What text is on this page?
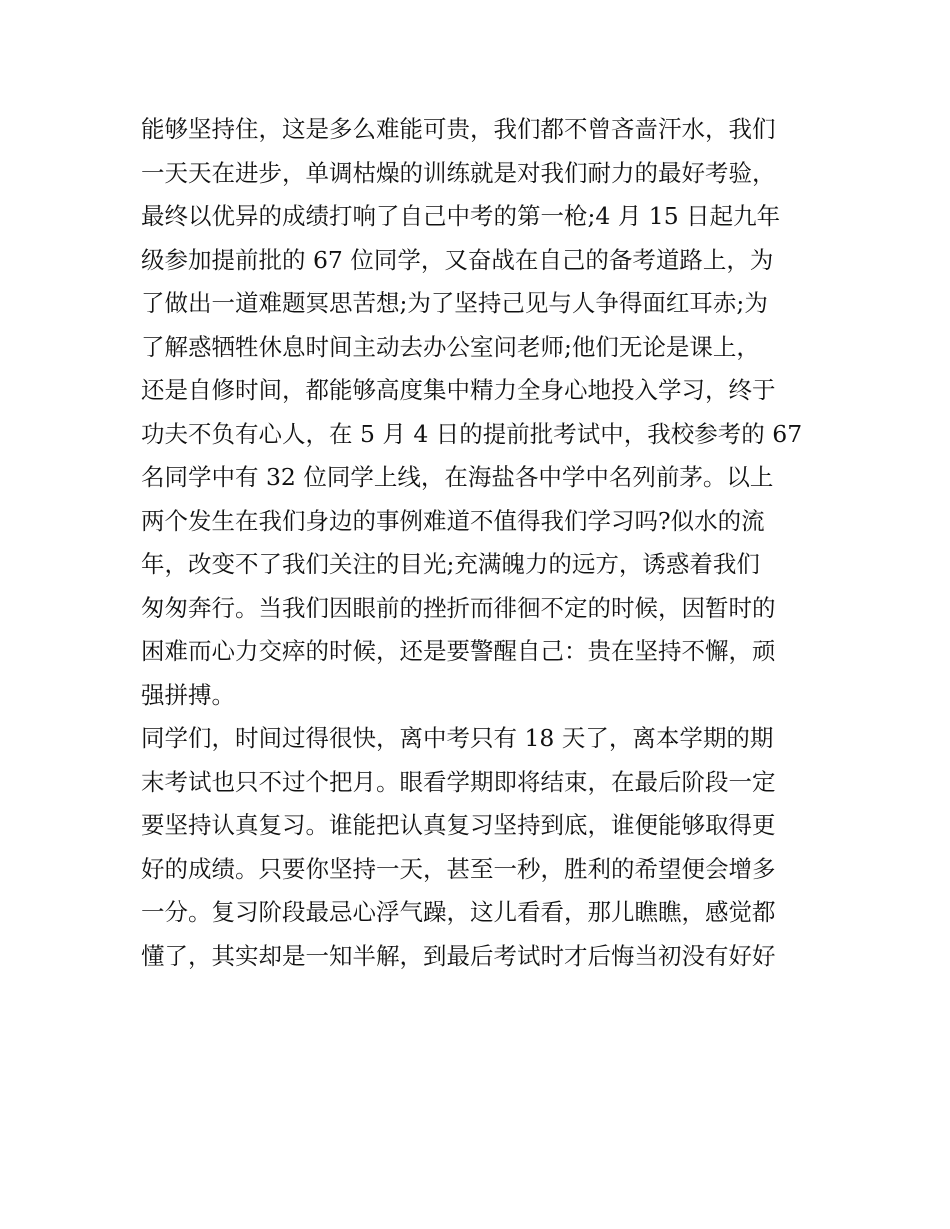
能够坚持住，这是多么难能可贵，我们都不曾吝啬汗水，我们

一天天在进步，单调枯燥的训练就是对我们耐力的最好考验，

最终以优异的成绩打响了自己中考的第一枪;4 月 15 日起九年

级参加提前批的 67 位同学，又奋战在自己的备考道路上，为

了做出一道难题冥思苦想;为了坚持己见与人争得面红耳赤;为

了解惑牺牲休息时间主动去办公室问老师;他们无论是课上，

还是自修时间，都能够高度集中精力全身心地投入学习，终于

功夫不负有心人，在 5 月 4 日的提前批考试中，我校参考的 67

名同学中有 32 位同学上线，在海盐各中学中名列前茅。以上

两个发生在我们身边的事例难道不值得我们学习吗?似水的流

年，改变不了我们关注的目光;充满魄力的远方，诱惑着我们

匆匆奔行。当我们因眼前的挫折而徘徊不定的时候，因暂时的

困难而心力交瘁的时候，还是要警醒自己：贵在坚持不懈，顽

强拼搏。

同学们，时间过得很快，离中考只有 18 天了，离本学期的期

末考试也只不过个把月。眼看学期即将结束，在最后阶段一定

要坚持认真复习。谁能把认真复习坚持到底，谁便能够取得更

好的成绩。只要你坚持一天，甚至一秒，胜利的希望便会增多

一分。复习阶段最忌心浮气躁，这儿看看，那儿瞧瞧，感觉都

懂了，其实却是一知半解，到最后考试时才后悔当初没有好好
